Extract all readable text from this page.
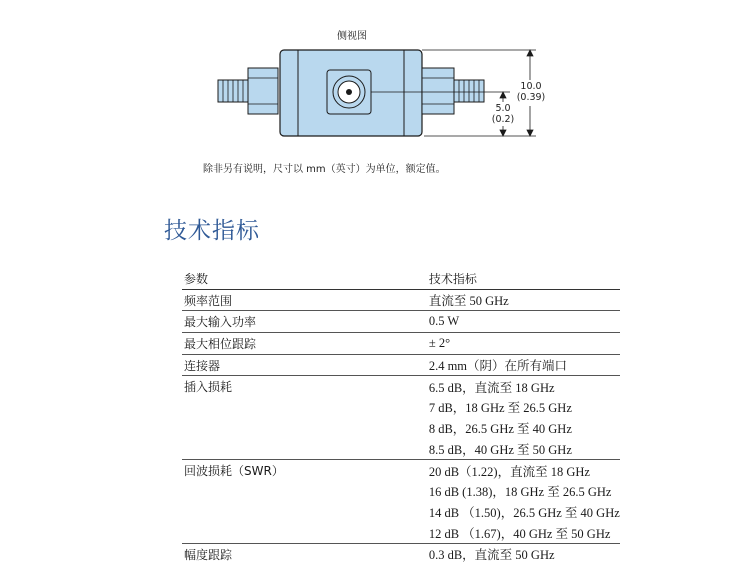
侧视图
10.0
(0.39)
5.0
(0.2)
除非另有说明，尺寸以 mm（英寸）为单位，额定值。
技术指标
参数	技术指标
频率范围	直流至 50 GHz
最大输入功率	0.5 W
最大相位跟踪	± 2°
连接器	2.4 mm（阴）在所有端口
插入损耗	6.5 dB，直流至 18 GHz
	7 dB，18 GHz 至 26.5 GHz
	8 dB，26.5 GHz 至 40 GHz
	8.5 dB，40 GHz 至 50 GHz
回波损耗（SWR）	20 dB（1.22)，直流至 18 GHz
	16 dB (1.38)，18 GHz 至 26.5 GHz
	14 dB （1.50)，26.5 GHz 至 40 GHz
	12 dB （1.67)，40 GHz 至 50 GHz
幅度跟踪	0.3 dB，直流至 50 GHz
